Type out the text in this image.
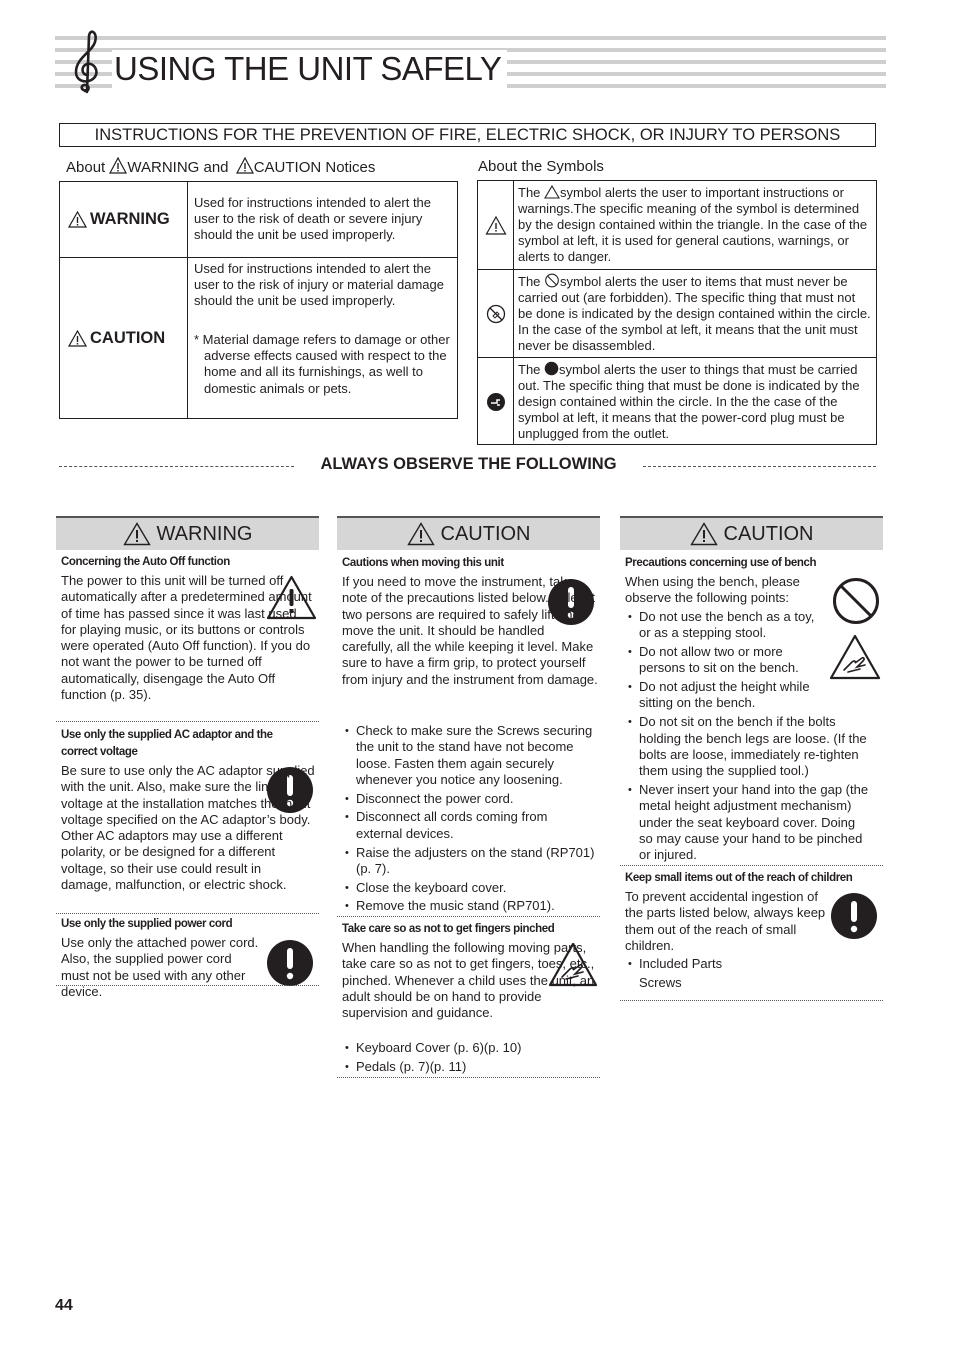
USING THE UNIT SAFELY
INSTRUCTIONS FOR THE PREVENTION OF FIRE, ELECTRIC SHOCK, OR INJURY TO PERSONS
About WARNING and CAUTION Notices	About the Symbols
WARNING
Used for instructions intended to alert the user to the risk of death or severe injury should the unit be used improperly.
CAUTION
Used for instructions intended to alert the user to the risk of injury or material damage should the unit be used improperly.
* Material damage refers to damage or other adverse effects caused with respect to the home and all its furnishings, as well to domestic animals or pets.
The symbol alerts the user to important instructions or warnings.The specific meaning of the symbol is determined by the design contained within the triangle. In the case of the symbol at left, it is used for general cautions, warnings, or alerts to danger.
The symbol alerts the user to items that must never be carried out (are forbidden). The specific thing that must not be done is indicated by the design contained within the circle. In the case of the symbol at left, it means that the unit must never be disassembled.
The symbol alerts the user to things that must be carried out. The specific thing that must be done is indicated by the design contained within the circle. In the the case of the symbol at left, it means that the power-cord plug must be unplugged from the outlet.
ALWAYS OBSERVE THE FOLLOWING
WARNING
Concerning the Auto Off function
The power to this unit will be turned off automatically after a predetermined amount of time has passed since it was last used for playing music, or its buttons or controls were operated (Auto Off function). If you do not want the power to be turned off automatically, disengage the Auto Off function (p. 35).
Use only the supplied AC adaptor and the correct voltage
Be sure to use only the AC adaptor supplied with the unit. Also, make sure the line voltage at the installation matches the input voltage specified on the AC adaptor’s body. Other AC adaptors may use a different polarity, or be designed for a different voltage, so their use could result in damage, malfunction, or electric shock.
Use only the supplied power cord
Use only the attached power cord. Also, the supplied power cord must not be used with any other device.
CAUTION
Cautions when moving this unit
If you need to move the instrument, take note of the precautions listed below. At least two persons are required to safely lift and move the unit. It should be handled carefully, all the while keeping it level. Make sure to have a firm grip, to protect yourself from injury and the instrument from damage.
• Check to make sure the Screws securing the unit to the stand have not become loose. Fasten them again securely whenever you notice any loosening.
• Disconnect the power cord.
• Disconnect all cords coming from external devices.
• Raise the adjusters on the stand (RP701) (p. 7).
• Close the keyboard cover.
• Remove the music stand (RP701).
Take care so as not to get fingers pinched
When handling the following moving parts, take care so as not to get fingers, toes, etc., pinched. Whenever a child uses the unit, an adult should be on hand to provide supervision and guidance.
• Keyboard Cover (p. 6)(p. 10)
• Pedals (p. 7)(p. 11)
CAUTION
Precautions concerning use of bench
When using the bench, please observe the following points:
• Do not use the bench as a toy, or as a stepping stool.
• Do not allow two or more persons to sit on the bench.
• Do not adjust the height while sitting on the bench.
• Do not sit on the bench if the bolts holding the bench legs are loose. (If the bolts are loose, immediately re-tighten them using the supplied tool.)
• Never insert your hand into the gap (the metal height adjustment mechanism) under the seat keyboard cover. Doing so may cause your hand to be pinched or injured.
Keep small items out of the reach of children
To prevent accidental ingestion of the parts listed below, always keep them out of the reach of small children.
• Included Parts
Screws
44
